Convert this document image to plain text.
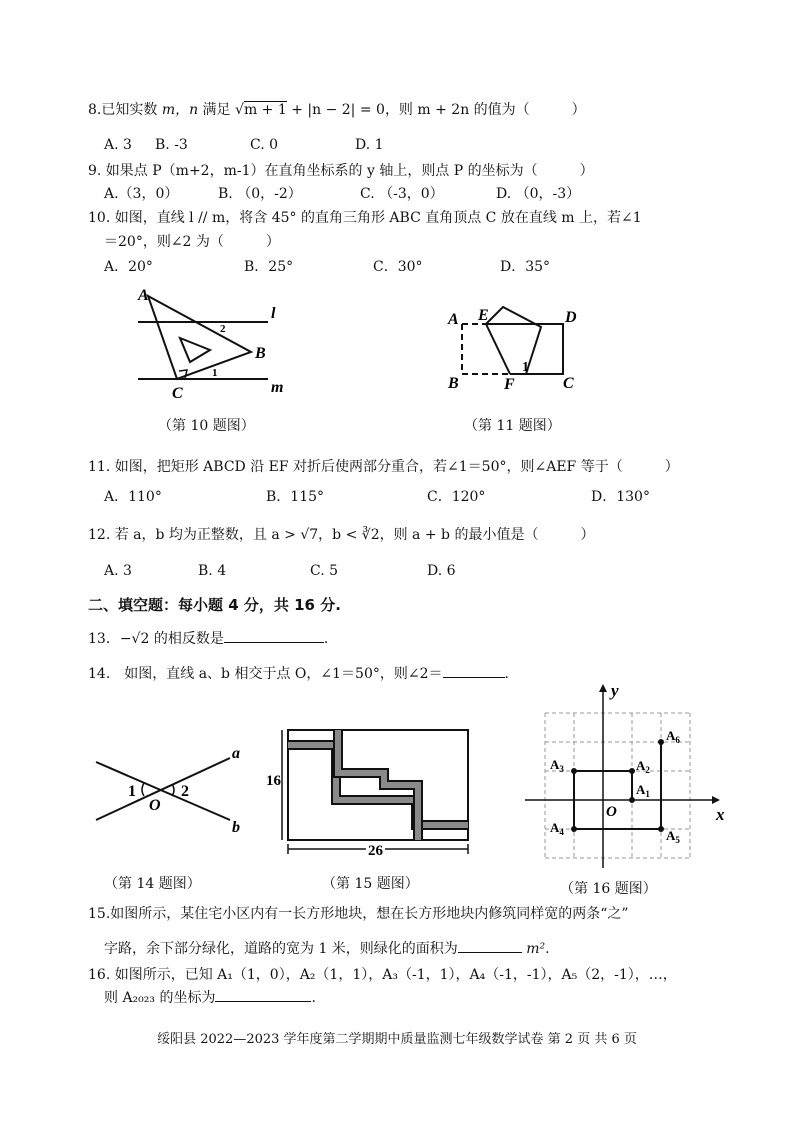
8.已知实数 m，n 满足 √m + 1 + |n − 2| = 0，则 m + 2n 的值为（　　　）
A. 3 B. -3	C. 0	D. 1
9. 如果点 P（m+2，m-1）在直角坐标系的 y 轴上，则点 P 的坐标为（　　　）
A.（3，0）	B. （0，-2）	C. （-3，0）	D. （0，-3）
10. 如图，直线 l // m，将含 45° 的直角三角形 ABC 直角顶点 C 放在直线 m 上，若∠1
＝20°，则∠2 为（　　　）
A．20°	B．25°	C．30°	D．35°
A
B
C
l
m
1
2
（第 10 题图）
A E	D
B	F	C
1
（第 11 题图）
11. 如图，把矩形 ABCD 沿 EF 对折后使两部分重合，若∠1＝50°，则∠AEF 等于（　　　）
A．110°	B．115°	C．120°	D．130°
12. 若 a，b 均为正整数，且 a > √7，b < ∛2，则 a + b 的最小值是（　　　）
A. 3	B. 4	C. 5	D. 6
二、填空题：每小题 4 分，共 16 分.
13．−√2 的相反数是	.
14.　如图，直线 a、b 相交于点 O，∠1＝50°，则∠2＝	.
a
b
O
1	2
（第 14 题图）
16
26
（第 15 题图）
x
y
O
$A_1$
$A_2$
$A_3$
$A_4$	$A_5$
$A_6$
（第 16 题图）
15.如图所示，某住宅小区内有一长方形地块，想在长方形地块内修筑同样宽的两条“之”
字路，余下部分绿化，道路的宽为 1 米，则绿化的面积为	m².
16. 如图所示，已知 A₁（1，0），A₂（1，1），A₃（-1，1），A₄（-1，-1），A₅（2，-1），…，
则 A₂₀₂₃ 的坐标为	.
绥阳县 2022—2023 学年度第二学期期中质量监测七年级数学试卷 第 2 页 共 6 页
